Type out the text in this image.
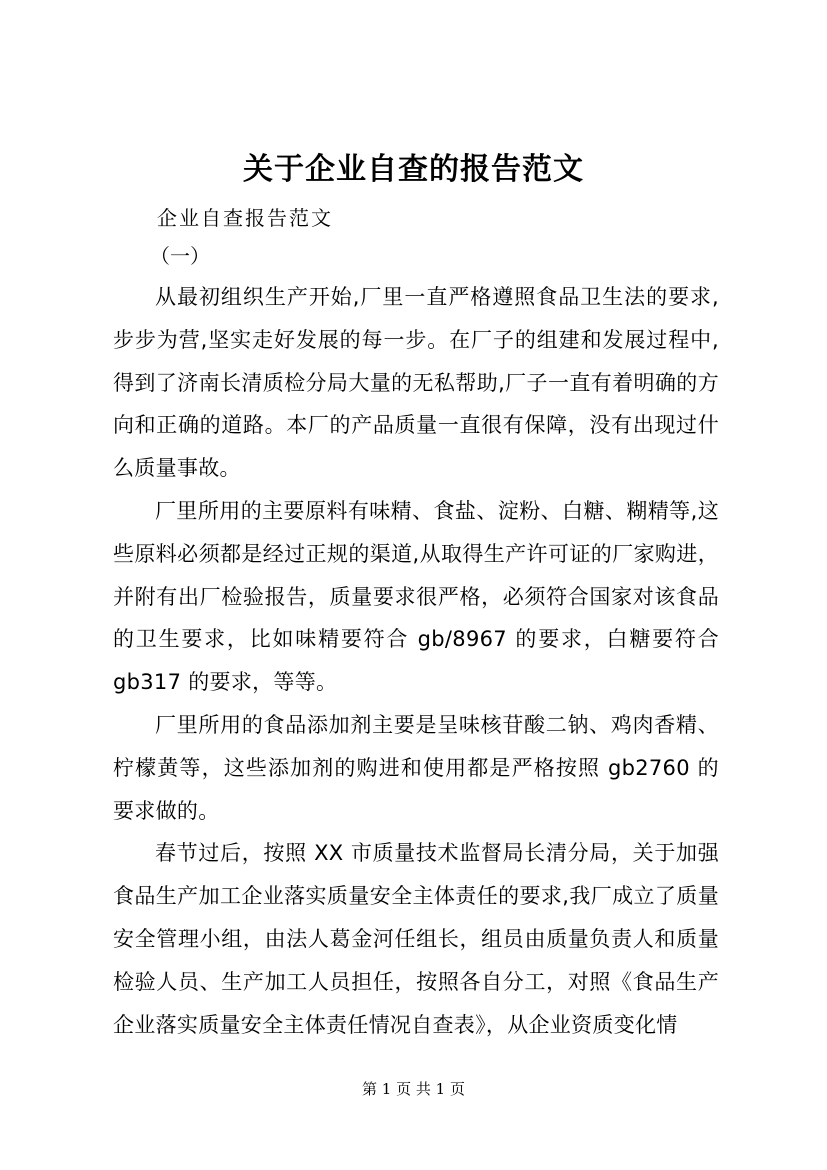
关于企业自查的报告范文
企业自查报告范文
（一）

从最初组织生产开始,厂里一直严格遵照食品卫生法的要求,步步为营,坚实走好发展的每一步。在厂子的组建和发展过程中,得到了济南长清质检分局大量的无私帮助,厂子一直有着明确的方向和正确的道路。本厂的产品质量一直很有保障，没有出现过什么质量事故。

厂里所用的主要原料有味精、食盐、淀粉、白糖、糊精等,这些原料必须都是经过正规的渠道,从取得生产许可证的厂家购进，并附有出厂检验报告，质量要求很严格，必须符合国家对该食品的卫生要求，比如味精要符合 gb/8967 的要求，白糖要符合 gb317 的要求，等等。

厂里所用的食品添加剂主要是呈味核苷酸二钠、鸡肉香精、柠檬黄等，这些添加剂的购进和使用都是严格按照 gb2760 的要求做的。

春节过后，按照 XX 市质量技术监督局长清分局，关于加强食品生产加工企业落实质量安全主体责任的要求,我厂成立了质量安全管理小组，由法人葛金河任组长，组员由质量负责人和质量检验人员、生产加工人员担任，按照各自分工，对照《食品生产企业落实质量安全主体责任情况自查表》，从企业资质变化情

第 1 页 共 1 页
